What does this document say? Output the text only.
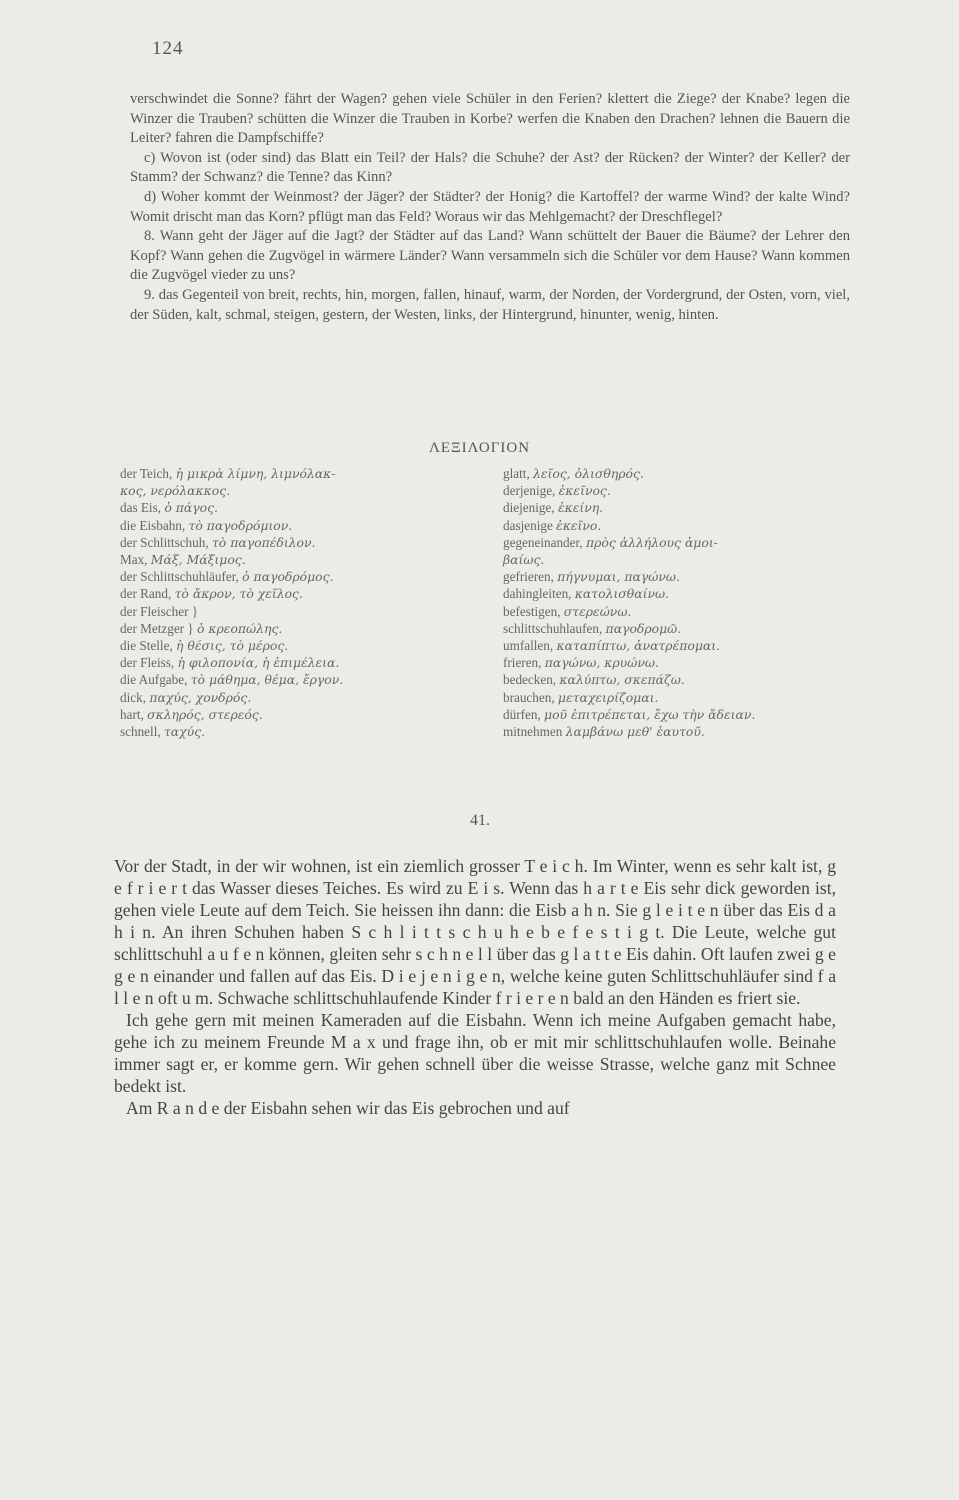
124

verschwindet die Sonne? fährt der Wagen? gehen viele Schüler in den Ferien? klettert die Ziege? der Knabe? legen die Winzer die Trauben? schütten die Winzer die Trauben in Korbe? werfen die Knaben den Drachen? lehnen die Bauern die Leiter? fahren die Dampfschiffe?

c) Wovon ist (oder sind) das Blatt ein Teil? der Hals? die Schuhe? der Ast? der Rücken? der Winter? der Keller? der Stamm? der Schwanz? die Tenne? das Kinn?

d) Woher kommt der Weinmost? der Jäger? der Städter? der Honig? die Kartoffel? der warme Wind? der kalte Wind? Womit drischt man das Korn? pflügt man das Feld? Woraus wir das Mehlgemacht? der Dreschflegel?

8. Wann geht der Jäger auf die Jagt? der Städter auf das Land? Wann schüttelt der Bauer die Bäume? der Lehrer den Kopf? Wann gehen die Zugvögel in wärmere Länder? Wann versammeln sich die Schüler vor dem Hause? Wann kommen die Zugvögel vieder zu uns?

9. das Gegenteil von breit, rechts, hin, morgen, fallen, hinauf, warm, der Norden, der Vordergrund, der Osten, vorn, viel, der Süden, kalt, schmal, steigen, gestern, der Westen, links, der Hintergrund, hinunter, wenig, hinten.

ΛΕΞΙΛΟΓΙΟΝ
der Teich, ἡ μικρὰ λίμνη, λιμνόλακ-
κος, νερόλακκος.
das Eis, ὁ πάγος.
die Eisbahn, τὸ παγοδρόμιον.
der Schlittschuh, τὸ παγοπέδιλον.
Max, Μάξ, Μάξιμος.
der Schlittschuhläufer, ὁ παγοδρόμος.
der Rand, τὸ ἄκρον, τὸ χεῖλος.
der Fleischer }
der Metzger } ὁ κρεοπώλης.
die Stelle, ἡ θέσις, τὸ μέρος.
der Fleiss, ἡ φιλοπονία, ἡ ἐπιμέλεια.
die Aufgabe, τὸ μάθημα, θέμα, ἔργον.
dick, παχύς, χονδρός.
hart, σκληρός, στερεός.
schnell, ταχύς.
glatt, λεῖος, ὀλισθηρός.
derjenige, ἐκεῖνος.
diejenige, ἐκείνη.
dasjenige ἐκεῖνο.
gegeneinander, πρὸς ἀλλήλους ἀμοι-
βαίως.
gefrieren, πήγνυμαι, παγώνω.
dahingleiten, κατολισθαίνω.
befestigen, στερεώνω.
schlittschuhlaufen, παγοδρομῶ.
umfallen, καταπίπτω, ἀνατρέπομαι.
frieren, παγώνω, κρυώνω.
bedecken, καλύπτω, σκεπάζω.
brauchen, μεταχειρίζομαι.
dürfen, μοῦ ἐπιτρέπεται, ἔχω τὴν ἄδειαν.
mitnehmen λαμβάνω μεθ' ἑαυτοῦ.
41.

Vor der Stadt, in der wir wohnen, ist ein ziemlich grosser T e i c h. Im Winter, wenn es sehr kalt ist, g e f r i e r t das Wasser dieses Teiches. Es wird zu E i s. Wenn das h a r t e Eis sehr dick geworden ist, gehen viele Leute auf dem Teich. Sie heissen ihn dann: die Eisb a h n. Sie g l e i t e n über das Eis d a h i n. An ihren Schuhen haben S c h l i t t s c h u h e b e f e s t i g t. Die Leute, welche gut schlittschuhl a u f e n können, gleiten sehr s c h n e l l über das g l a t t e Eis dahin. Oft laufen zwei g e g e n einander und fallen auf das Eis. D i e j e n i g e n, welche keine guten Schlittschuhläufer sind f a l l e n oft u m. Schwache schlittschuhlaufende Kinder f r i e r e n bald an den Händen es friert sie.

Ich gehe gern mit meinen Kameraden auf die Eisbahn. Wenn ich meine Aufgaben gemacht habe, gehe ich zu meinem Freunde M a x und frage ihn, ob er mit mir schlittschuhlaufen wolle. Beinahe immer sagt er, er komme gern. Wir gehen schnell über die weisse Strasse, welche ganz mit Schnee bedekt ist.

Am R a n d e der Eisbahn sehen wir das Eis gebrochen und auf
